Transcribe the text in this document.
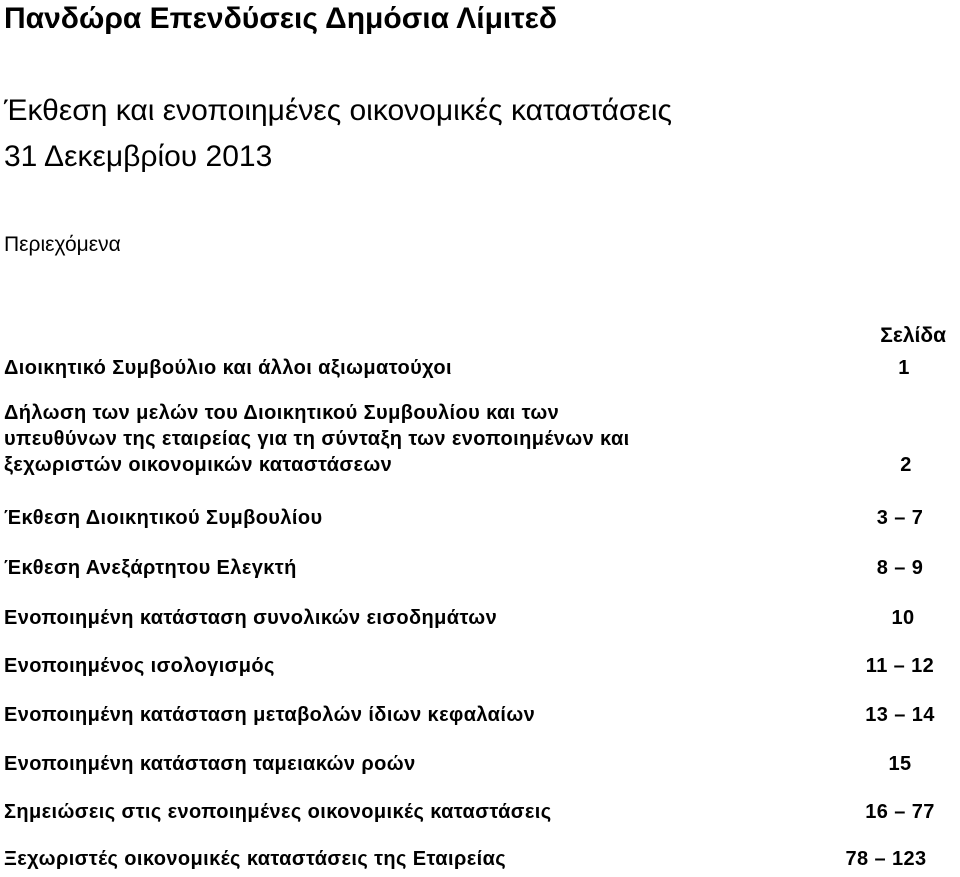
Πανδώρα Επενδύσεις Δημόσια Λίμιτεδ
Έκθεση και ενοποιημένες οικονομικές καταστάσεις
31 Δεκεμβρίου 2013
Περιεχόμενα
Σελίδα
Διοικητικό Συμβούλιο και άλλοι αξιωματούχοι	1
Δήλωση των μελών του Διοικητικού Συμβουλίου και των
υπευθύνων της εταιρείας για τη σύνταξη των ενοποιημένων και
ξεχωριστών οικονομικών καταστάσεων	2
Έκθεση Διοικητικού Συμβουλίου	3 – 7
Έκθεση Ανεξάρτητου Ελεγκτή	8 – 9
Ενοποιημένη κατάσταση συνολικών εισοδημάτων	10
Ενοποιημένος ισολογισμός	11 – 12
Ενοποιημένη κατάσταση μεταβολών ίδιων κεφαλαίων	13 – 14
Ενοποιημένη κατάσταση ταμειακών ροών	15
Σημειώσεις στις ενοποιημένες οικονομικές καταστάσεις	16 – 77
Ξεχωριστές οικονομικές καταστάσεις της Εταιρείας	78 – 123
